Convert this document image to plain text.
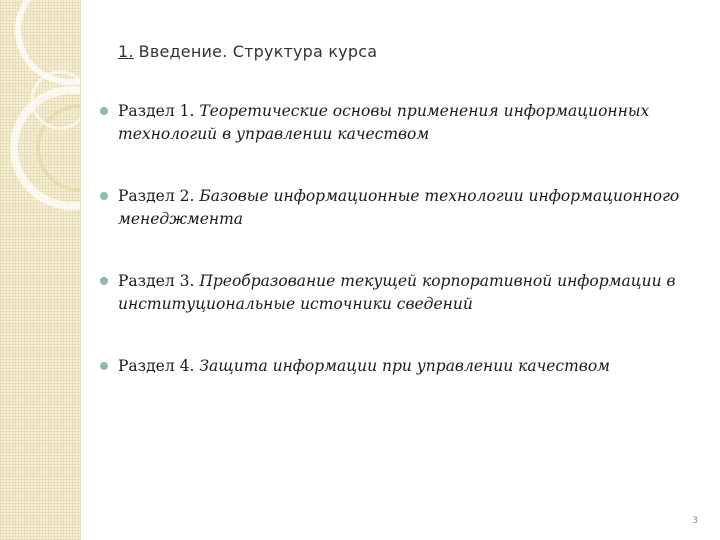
1. Введение. Структура курса
Раздел 1. Теоретические основы применения информационных технологий в управлении качеством
Раздел 2. Базовые информационные технологии информационного менеджмента
Раздел 3. Преобразование текущей корпоративной информации в институциональные источники сведений
Раздел 4. Защита информации при управлении качеством
3
